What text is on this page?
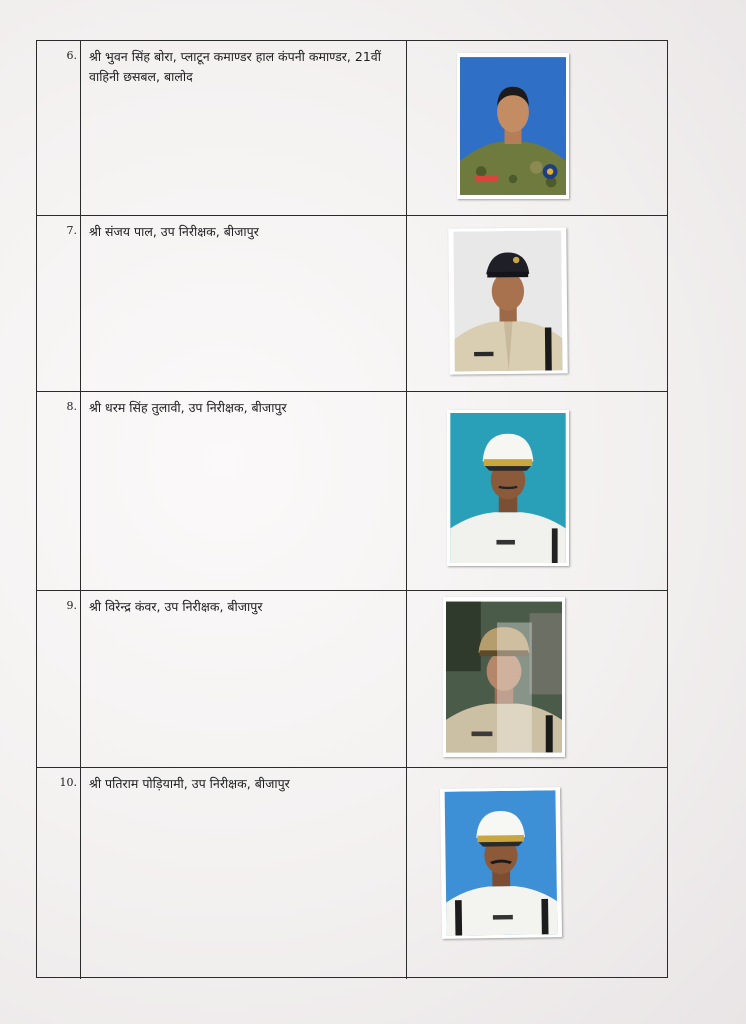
6. श्री भुवन सिंह बोरा, प्लाटून कमाण्डर हाल कंपनी कमाण्डर, 21वीं वाहिनी छसबल, बालोद
7. श्री संजय पाल, उप निरीक्षक, बीजापुर
8. श्री धरम सिंह तुलावी, उप निरीक्षक, बीजापुर
9. श्री विरेन्द्र कंवर, उप निरीक्षक, बीजापुर
10. श्री पतिराम पोड़ियामी, उप निरीक्षक, बीजापुर
